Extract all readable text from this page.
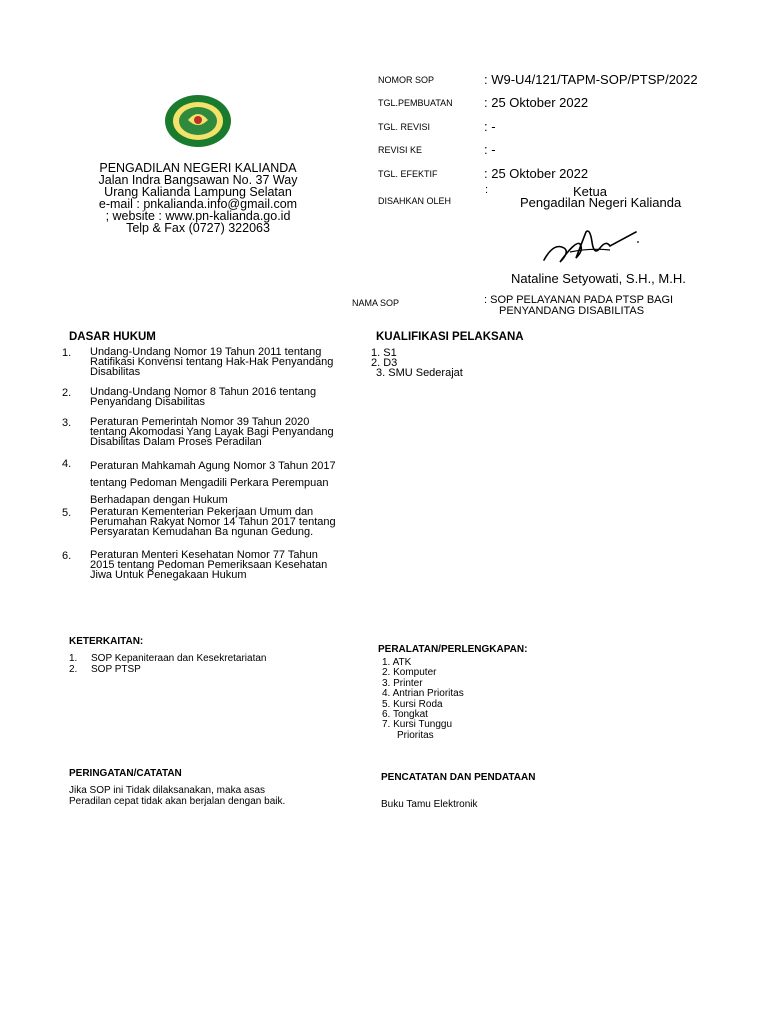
PENGADILAN NEGERI KALIANDA
Jalan Indra Bangsawan No. 37 Way
Urang Kalianda Lampung Selatan
e-mail : pnkalianda.info@gmail.com
; website : www.pn-kalianda.go.id
Telp & Fax (0727) 322063
NOMOR SOP	: W9-U4/121/TAPM-SOP/PTSP/2022
TGL.PEMBUATAN : 25 Oktober 2022
TGL. REVISI	: -
REVISI KE	: -
TGL. EFEKTIF	: 25 Oktober 2022
DISAHKAN OLEH
:	Ketua
Pengadilan Negeri Kalianda
Nataline Setyowati, S.H., M.H.
NAMA SOP	: SOP PELAYANAN PADA PTSP BAGI
PENYANDANG DISABILITAS
DASAR HUKUM
1. Undang-Undang Nomor 19 Tahun 2011 tentang
Ratifikasi Konvensi tentang Hak-Hak Penyandang
Disabilitas
2. Undang-Undang Nomor 8 Tahun 2016 tentang
Penyandang Disabilitas
3. Peraturan Pemerintah Nomor 39 Tahun 2020
tentang Akomodasi Yang Layak Bagi Penyandang
Disabilitas Dalam Proses Peradilan
4. Peraturan Mahkamah Agung Nomor 3 Tahun 2017
tentang Pedoman Mengadili Perkara Perempuan
Berhadapan dengan Hukum
5. Peraturan Kementerian Pekerjaan Umum dan
Perumahan Rakyat Nomor 14 Tahun 2017 tentang
Persyaratan Kemudahan Ba ngunan Gedung.
6. Peraturan Menteri Kesehatan Nomor 77 Tahun
2015 tentang Pedoman Pemeriksaan Kesehatan
Jiwa Untuk Penegakaan Hukum
KUALIFIKASI PELAKSANA
1. S1
2. D3
3. SMU Sederajat
KETERKAITAN:
1. SOP Kepaniteraan dan Kesekretariatan
2. SOP PTSP
PERALATAN/PERLENGKAPAN:
1. ATK
2. Komputer
3. Printer
4. Antrian Prioritas
5. Kursi Roda
6. Tongkat
7. Kursi Tunggu
Prioritas
PERINGATAN/CATATAN
Jika SOP ini Tidak dilaksanakan, maka asas
Peradilan cepat tidak akan berjalan dengan baik.
PENCATATAN DAN PENDATAAN
Buku Tamu Elektronik
